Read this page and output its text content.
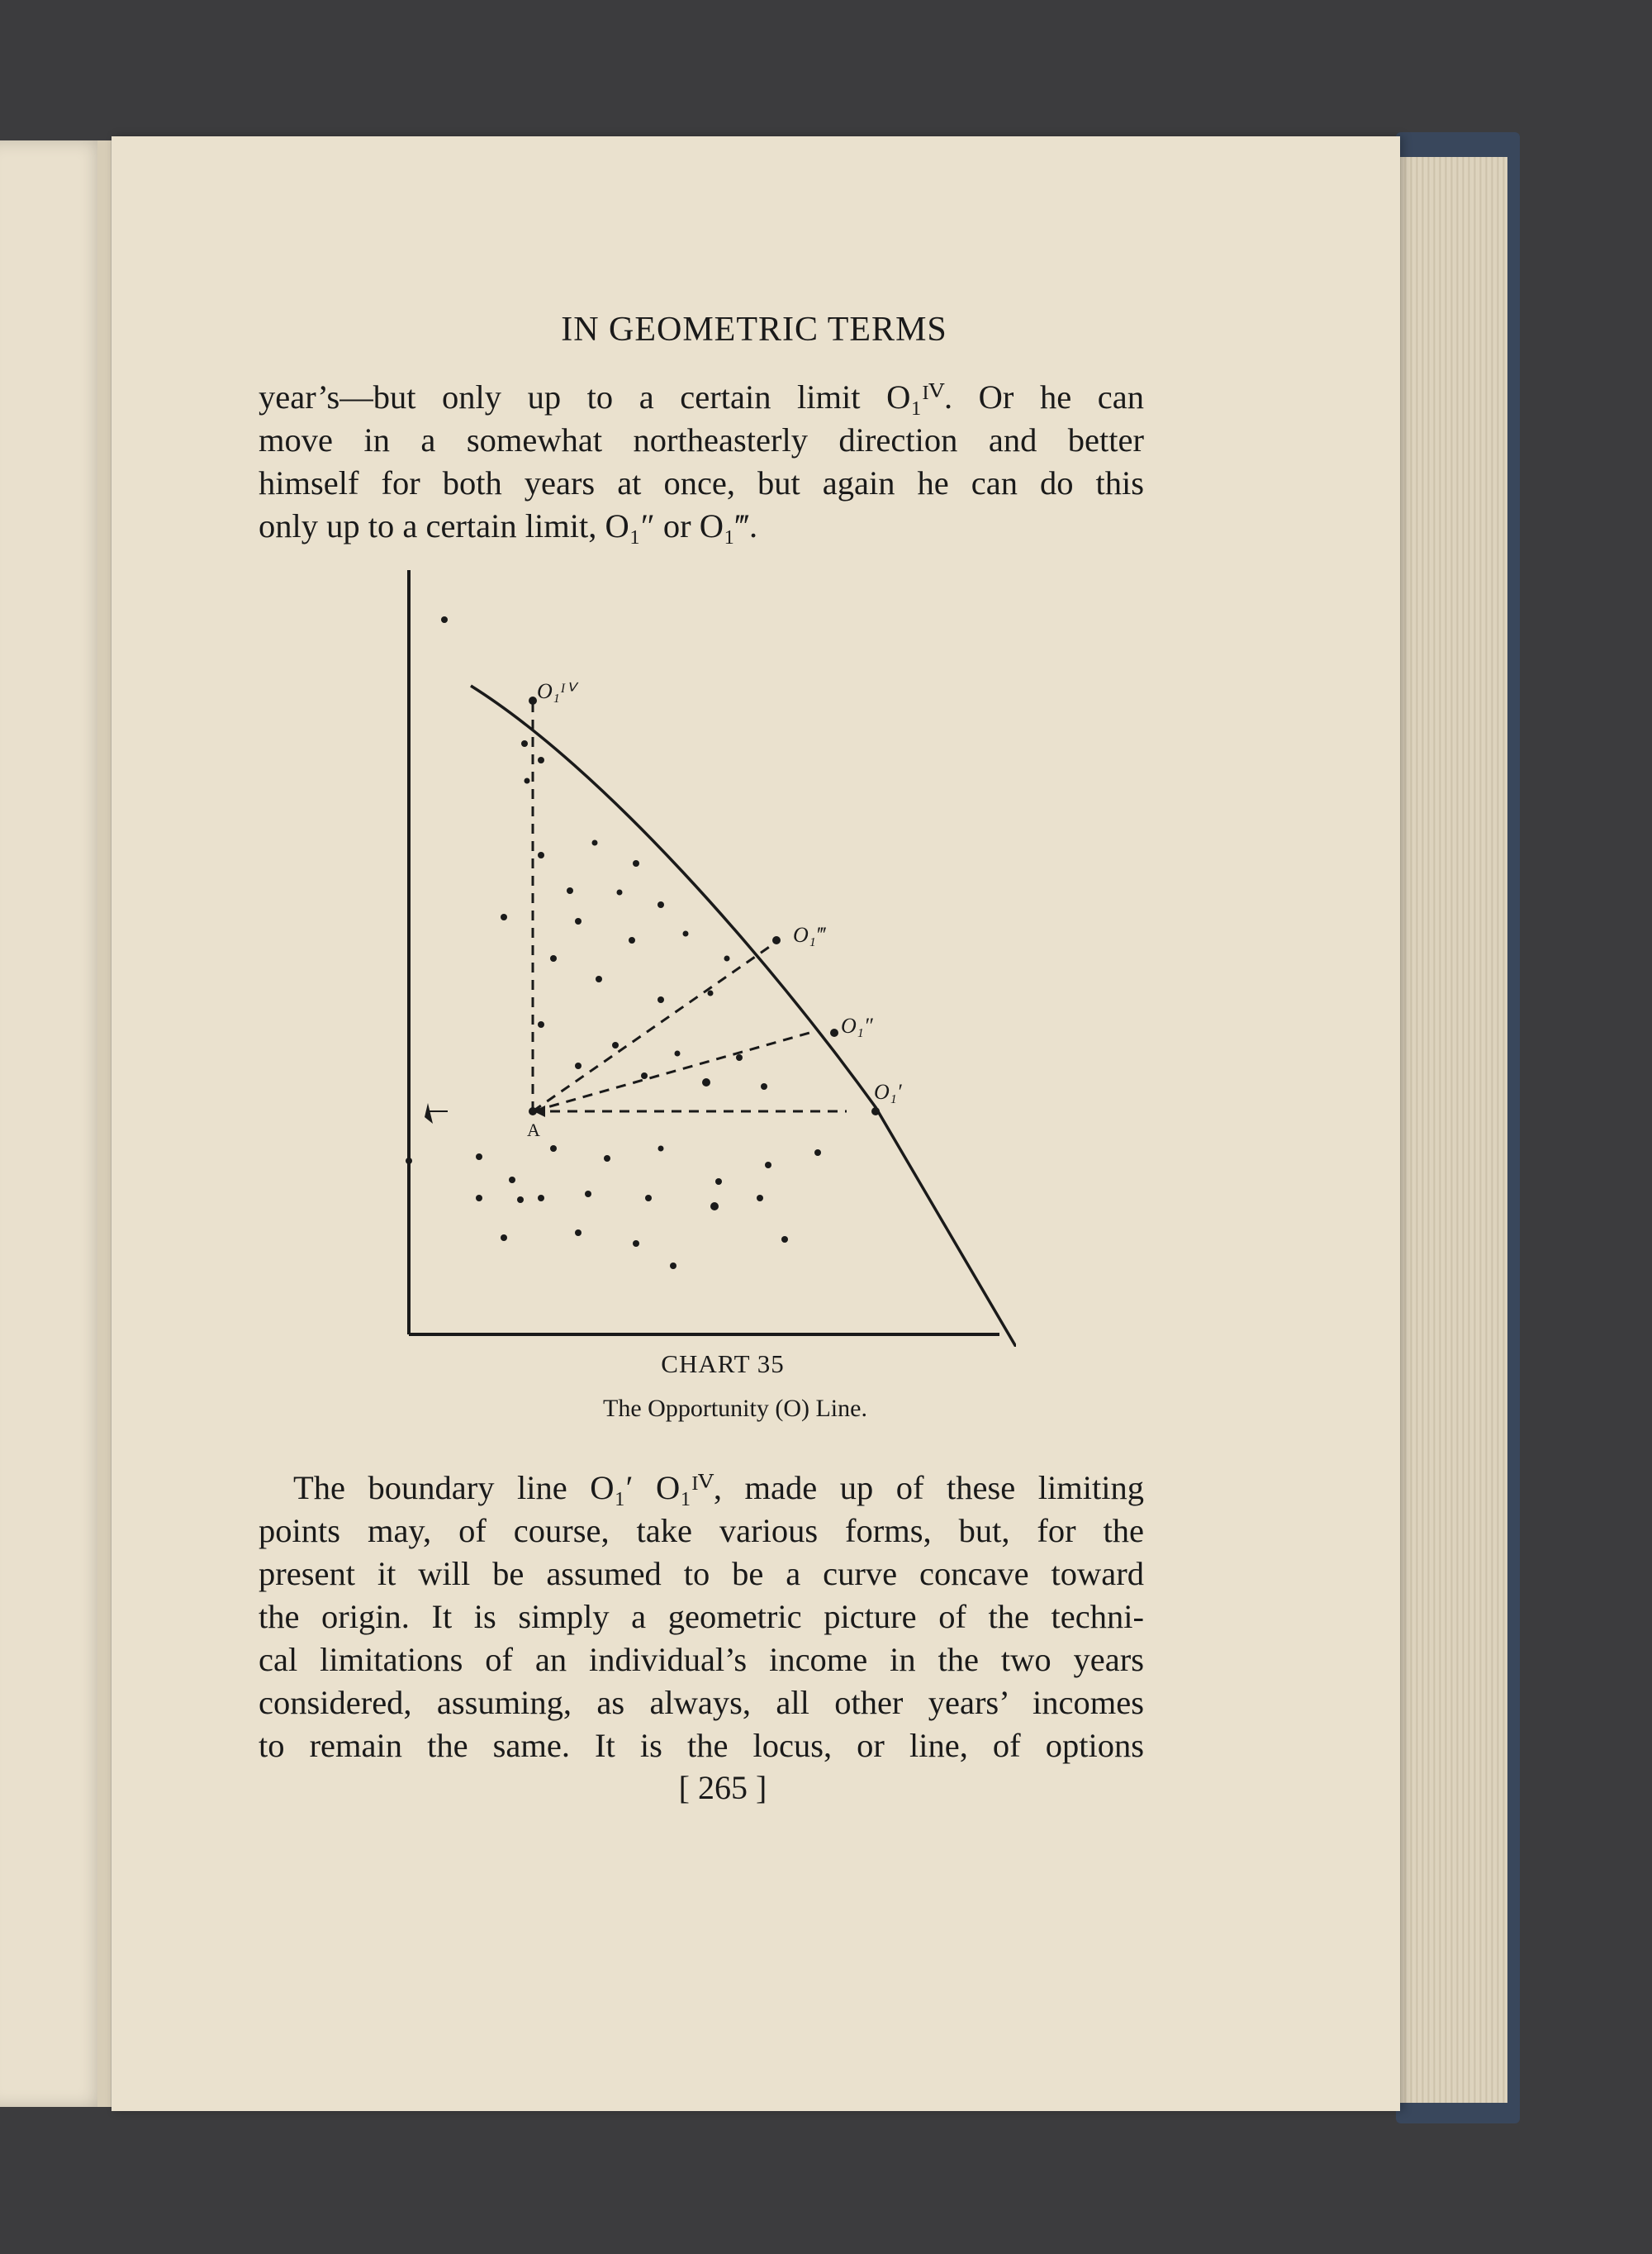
IN GEOMETRIC TERMS
year’s—but only up to a certain limit O₁ᴵⱽ. Or he can
move in a somewhat northeasterly direction and better
himself for both years at once, but again he can do this
only up to a certain limit, O₁″ or O₁‴.
A
O₁ᴵⱽ
O₁‴
O₁″
O₁′
CHART 35
The Opportunity (O) Line.
The boundary line O₁′ O₁ᴵⱽ, made up of these limiting
points may, of course, take various forms, but, for the
present it will be assumed to be a curve concave toward
the origin. It is simply a geometric picture of the techni-
cal limitations of an individual’s income in the two years
considered, assuming, as always, all other years’ incomes
to remain the same. It is the locus, or line, of options
[ 265 ]
